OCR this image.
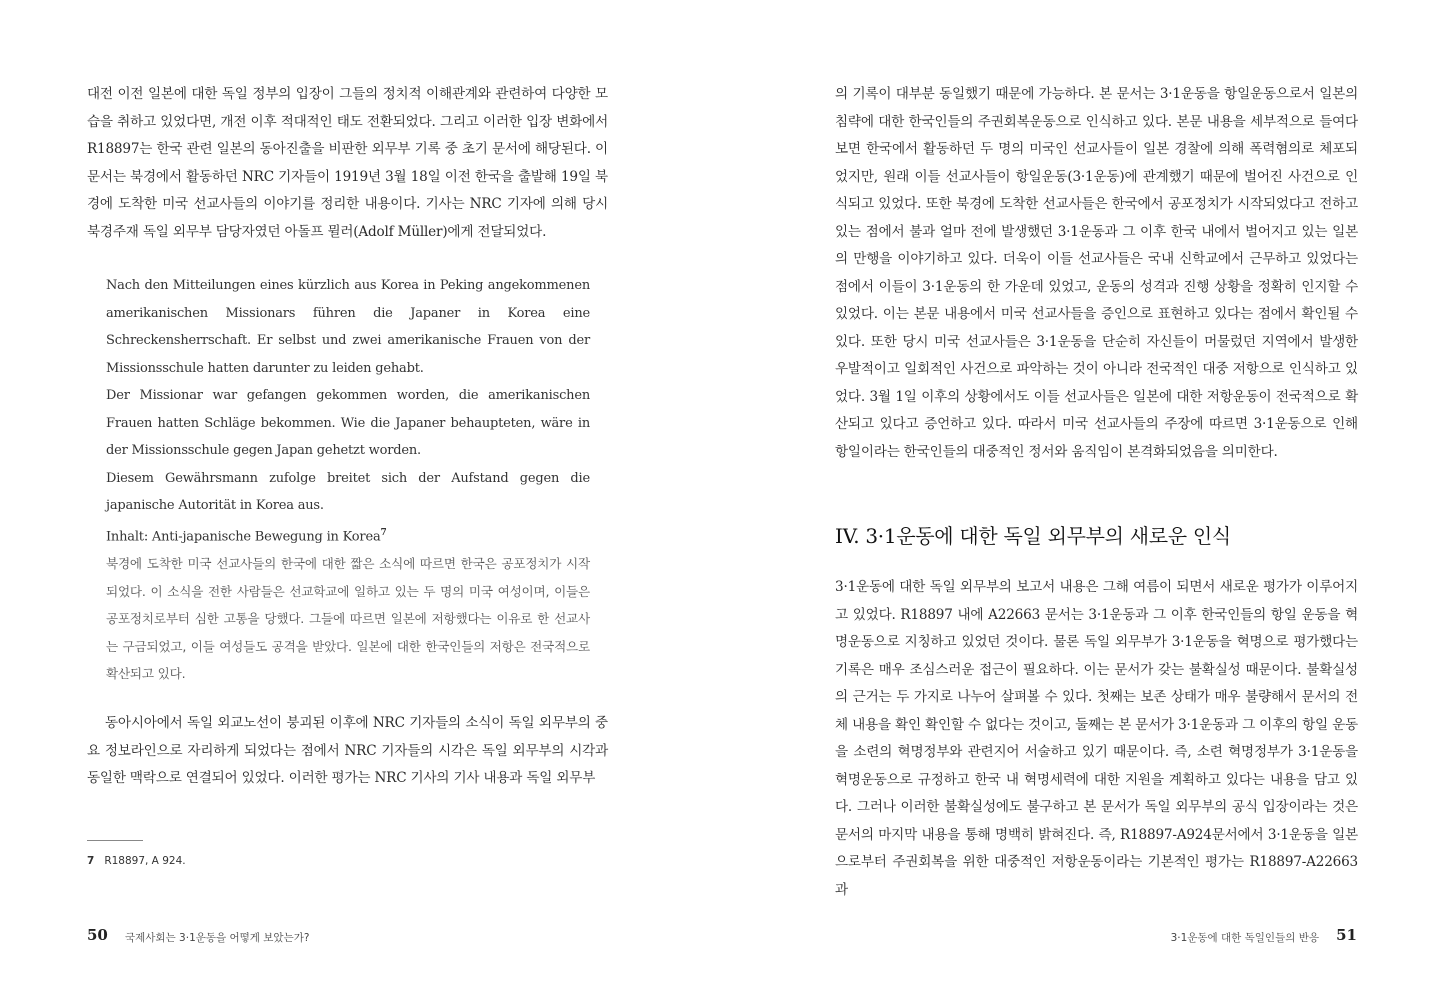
대전 이전 일본에 대한 독일 정부의 입장이 그들의 정치적 이해관계와 관련하여 다양한 모습을 취하고 있었다면, 개전 이후 적대적인 태도 전환되었다. 그리고 이러한 입장 변화에서 R18897는 한국 관련 일본의 동아진출을 비판한 외무부 기록 중 초기 문서에 해당된다. 이 문서는 북경에서 활동하던 NRC 기자들이 1919년 3월 18일 이전 한국을 출발해 19일 북경에 도착한 미국 선교사들의 이야기를 정리한 내용이다. 기사는 NRC 기자에 의해 당시 북경주재 독일 외무부 담당자였던 아돌프 뮐러(Adolf Müller)에게 전달되었다.

Nach den Mitteilungen eines kürzlich aus Korea in Peking angekommenen amerikanischen Missionars führen die Japaner in Korea eine Schreckensherrschaft. Er selbst und zwei amerikanische Frauen von der Missionsschule hatten darunter zu leiden gehabt.

Der Missionar war gefangen gekommen worden, die amerikanischen Frauen hatten Schläge bekommen. Wie die Japaner behaupteten, wäre in der Missionsschule gegen Japan gehetzt worden.

Diesem Gewährsmann zufolge breitet sich der Aufstand gegen die japanische Autorität in Korea aus.

Inhalt: Anti-japanische Bewegung in Korea$^7$

북경에 도착한 미국 선교사들의 한국에 대한 짧은 소식에 따르면 한국은 공포정치가 시작되었다. 이 소식을 전한 사람들은 선교학교에 일하고 있는 두 명의 미국 여성이며, 이들은 공포정치로부터 심한 고통을 당했다. 그들에 따르면 일본에 저항했다는 이유로 한 선교사는 구금되었고, 이들 여성들도 공격을 받았다. 일본에 대한 한국인들의 저항은 전국적으로 확산되고 있다.

동아시아에서 독일 외교노선이 붕괴된 이후에 NRC 기자들의 소식이 독일 외무부의 중요 정보라인으로 자리하게 되었다는 점에서 NRC 기자들의 시각은 독일 외무부의 시각과 동일한 맥락으로 연결되어 있었다. 이러한 평가는 NRC 기사의 기사 내용과 독일 외무부

7 R18897, A 924.
50 국제사회는 3·1운동을 어떻게 보았는가?

의 기록이 대부분 동일했기 때문에 가능하다. 본 문서는 3·1운동을 항일운동으로서 일본의 침략에 대한 한국인들의 주권회복운동으로 인식하고 있다. 본문 내용을 세부적으로 들여다보면 한국에서 활동하던 두 명의 미국인 선교사들이 일본 경찰에 의해 폭력혐의로 체포되었지만, 원래 이들 선교사들이 항일운동(3·1운동)에 관계했기 때문에 벌어진 사건으로 인식되고 있었다. 또한 북경에 도착한 선교사들은 한국에서 공포정치가 시작되었다고 전하고 있는 점에서 불과 얼마 전에 발생했던 3·1운동과 그 이후 한국 내에서 벌어지고 있는 일본의 만행을 이야기하고 있다. 더욱이 이들 선교사들은 국내 신학교에서 근무하고 있었다는 점에서 이들이 3·1운동의 한 가운데 있었고, 운동의 성격과 진행 상황을 정확히 인지할 수 있었다. 이는 본문 내용에서 미국 선교사들을 증인으로 표현하고 있다는 점에서 확인될 수 있다. 또한 당시 미국 선교사들은 3·1운동을 단순히 자신들이 머물렀던 지역에서 발생한 우발적이고 일회적인 사건으로 파악하는 것이 아니라 전국적인 대중 저항으로 인식하고 있었다. 3월 1일 이후의 상황에서도 이들 선교사들은 일본에 대한 저항운동이 전국적으로 확산되고 있다고 증언하고 있다. 따라서 미국 선교사들의 주장에 따르면 3·1운동으로 인해 항일이라는 한국인들의 대중적인 정서와 움직임이 본격화되었음을 의미한다.

IV. 3·1운동에 대한 독일 외무부의 새로운 인식

3·1운동에 대한 독일 외무부의 보고서 내용은 그해 여름이 되면서 새로운 평가가 이루어지고 있었다. R18897 내에 A22663 문서는 3·1운동과 그 이후 한국인들의 항일 운동을 혁명운동으로 지칭하고 있었던 것이다. 물론 독일 외무부가 3·1운동을 혁명으로 평가했다는 기록은 매우 조심스러운 접근이 필요하다. 이는 문서가 갖는 불확실성 때문이다. 불확실성의 근거는 두 가지로 나누어 살펴볼 수 있다. 첫째는 보존 상태가 매우 불량해서 문서의 전체 내용을 확인 확인할 수 없다는 것이고, 둘째는 본 문서가 3·1운동과 그 이후의 항일 운동을 소련의 혁명정부와 관련지어 서술하고 있기 때문이다. 즉, 소련 혁명정부가 3·1운동을 혁명운동으로 규정하고 한국 내 혁명세력에 대한 지원을 계획하고 있다는 내용을 담고 있다. 그러나 이러한 불확실성에도 불구하고 본 문서가 독일 외무부의 공식 입장이라는 것은 문서의 마지막 내용을 통해 명백히 밝혀진다. 즉, R18897-A924문서에서 3·1운동을 일본으로부터 주권회복을 위한 대중적인 저항운동이라는 기본적인 평가는 R18897-A22663과

3·1운동에 대한 독일인들의 반응 51
